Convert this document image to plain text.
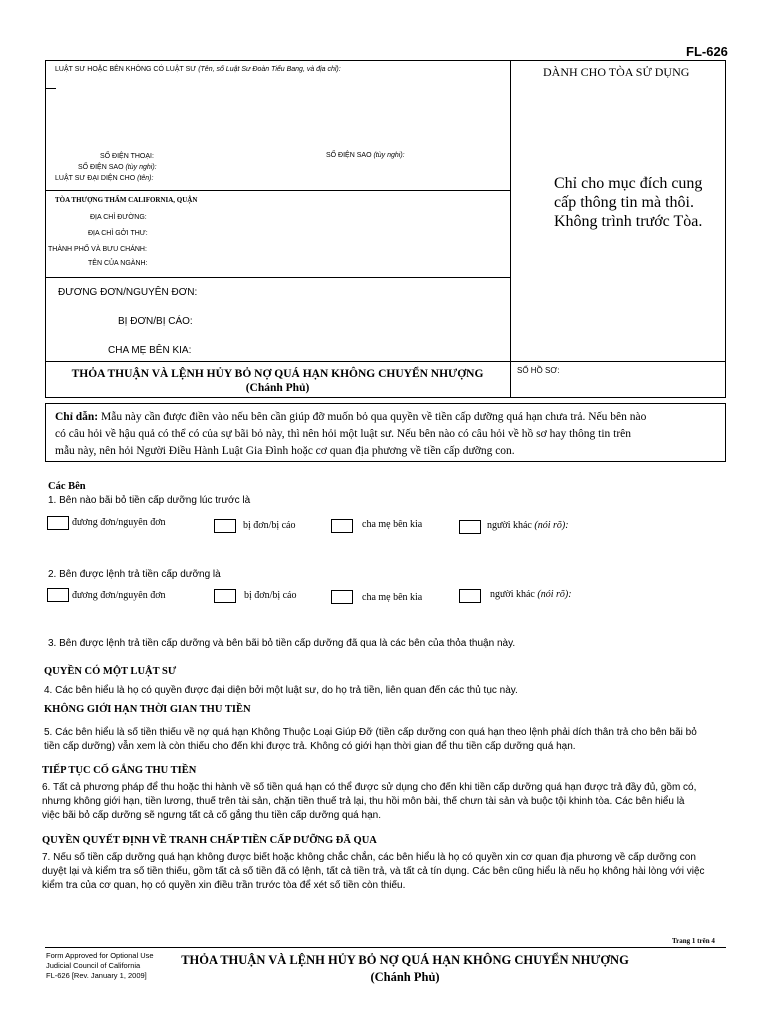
FL-626
LUẬT SƯ HOẶC BÊN KHÔNG CÓ LUẬT SƯ (Tên, số Luật Sư Đoàn Tiểu Bang, và địa chỉ):
SỐ ĐIỆN THOẠI:	SỐ ĐIỆN SAO (tùy nghi):
SỐ ĐIỆN SAO (tùy nghi):
LUẬT SƯ ĐẠI DIỆN CHO (tên):
DÀNH CHO TÒA SỬ DỤNG
TÒA THƯỢNG THẨM CALIFORNIA, QUẬN
ĐỊA CHỈ ĐƯỜNG:
ĐỊA CHỈ GỞI THƯ:
THÀNH PHỐ VÀ BƯU CHÁNH:
TÊN CỦA NGÀNH:
ĐƯƠNG ĐƠN/NGUYÊN ĐƠN:
BỊ ĐƠN/BỊ CÁO:
CHA MẸ BÊN KIA:
THỎA THUẬN VÀ LỆNH HỦY BỎ NỢ QUÁ HẠN KHÔNG CHUYỂN NHƯỢNG
(Chánh Phủ)
SỐ HỒ SƠ:
Chỉ cho mục đích cung
cấp thông tin mà thôi.
Không trình trước Tòa.
Chỉ dẫn: Mẫu này cần được điền vào nếu bên cần giúp đỡ muốn bỏ qua quyền về tiền cấp dưỡng quá hạn chưa trả. Nếu bên nào
có câu hỏi về hậu quả có thể có của sự bãi bỏ này, thì nên hỏi một luật sư. Nếu bên nào có câu hỏi về hồ sơ hay thông tin trên
mẫu này, nên hỏi Người Điều Hành Luật Gia Đình hoặc cơ quan địa phương về tiền cấp dưỡng con.
Các Bên
1. Bên nào bãi bỏ tiền cấp dưỡng lúc trước là
đương đơn/nguyên đơn	bị đơn/bị cáo	cha mẹ bên kia	người khác (nói rõ):
2. Bên được lệnh trả tiền cấp dưỡng là
đương đơn/nguyên đơn	bị đơn/bị cáo	cha mẹ bên kia	người khác (nói rõ):
3. Bên được lệnh trả tiền cấp dưỡng và bên bãi bỏ tiền cấp dưỡng đã qua là các bên của thỏa thuận này.
QUYỀN CÓ MỘT LUẬT SƯ
4. Các bên hiểu là họ có quyền được đại diện bởi một luật sư, do họ trả tiền, liên quan đến các thủ tục này.
KHÔNG GIỚI HẠN THỜI GIAN THU TIỀN
5. Các bên hiểu là số tiền thiếu về nợ quá hạn Không Thuộc Loại Giúp Đỡ (tiền cấp dưỡng con quá hạn theo lệnh phải dích thân trả cho bên bãi bỏ
tiền cấp dưỡng) vẫn xem là còn thiếu cho đến khi được trả. Không có giới hạn thời gian để thu tiền cấp dưỡng quá hạn.
TIẾP TỤC CỐ GẮNG THU TIỀN
6. Tất cả phương pháp để thu hoặc thi hành về số tiền quá hạn có thể được sử dụng cho đến khi tiền cấp dưỡng quá hạn được trả đầy đủ, gồm có,
nhưng không giới hạn, tiền lương, thuế trên tài sản, chặn tiền thuế trả lại, thu hồi môn bài, thế chưn tài sản và buộc tội khinh tòa. Các bên hiểu là
việc bãi bỏ cấp dưỡng sẽ ngưng tất cả cố gắng thu tiền cấp dưỡng quá hạn.
QUYỀN QUYẾT ĐỊNH VỀ TRANH CHẤP TIỀN CẤP DƯỠNG ĐÃ QUA
7. Nếu số tiền cấp dưỡng quá hạn không được biết hoặc không chắc chắn, các bên hiểu là họ có quyền xin cơ quan địa phương về cấp dưỡng con
duyệt lại và kiểm tra số tiền thiếu, gồm tất cả số tiền đã có lệnh, tất cả tiền trả, và tất cả tín dụng. Các bên cũng hiểu là nếu họ không hài lòng với việc
kiểm tra của cơ quan, họ có quyền xin điều trần trước tòa để xét số tiền còn thiếu.
Trang 1 trên 4
Form Approved for Optional Use
Judicial Council of California
FL-626 [Rev. January 1, 2009]
THỎA THUẬN VÀ LỆNH HỦY BỎ NỢ QUÁ HẠN KHÔNG CHUYỂN NHƯỢNG
(Chánh Phủ)
